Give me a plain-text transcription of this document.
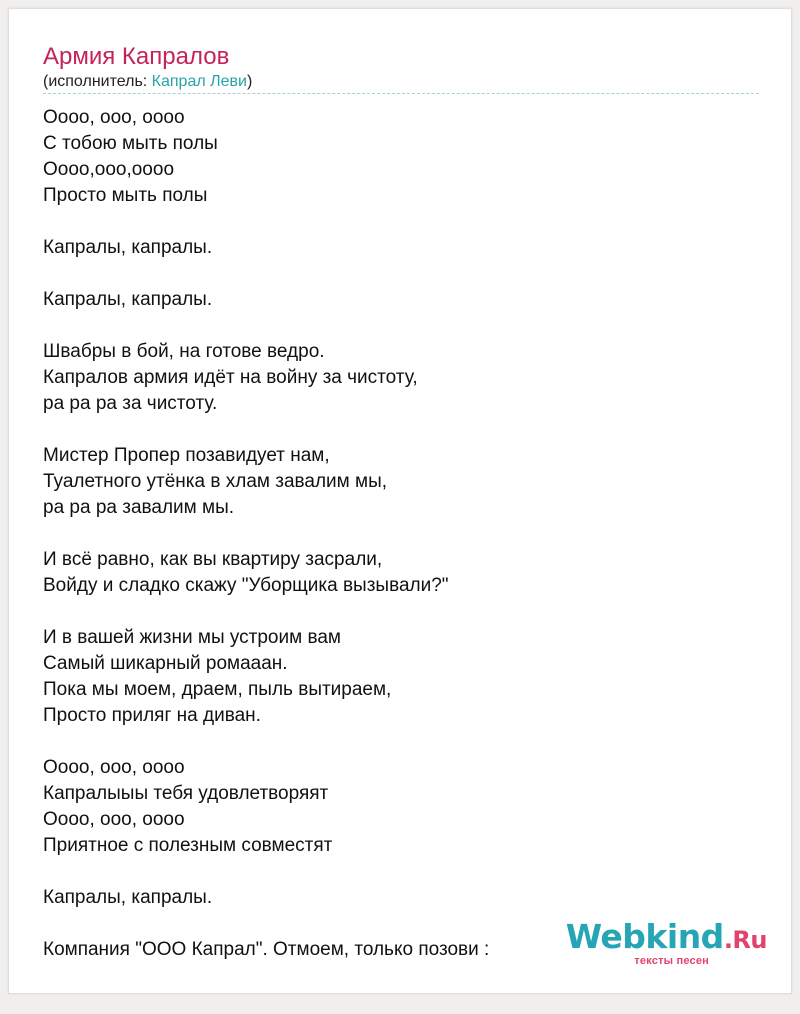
Армия Капралов
(исполнитель: Капрал Леви)
Оооо, ооо, оооо
С тобою мыть полы
Оооо,ооо,оооо
Просто мыть полы
Капралы, капралы.
Капралы, капралы.
Швабры в бой, на готове ведро.
Капралов армия идёт на войну за чистоту,
ра ра ра за чистоту.
Мистер Пропер позавидует нам,
Туалетного утёнка в хлам завалим мы,
ра ра ра завалим мы.
И всё равно, как вы квартиру засрали,
Войду и сладко скажу "Уборщика вызывали?"
И в вашей жизни мы устроим вам
Самый шикарный ромааан.
Пока мы моем, драем, пыль вытираем,
Просто приляг на диван.
Оооо, ооо, оооо
Капралыыы тебя удовлетворяят
Оооо, ооо, оооо
Приятное с полезным совместят
Капралы, капралы.
Компания "ООО Капрал". Отмоем, только позови :	Webkind.Ru
тексты песен
